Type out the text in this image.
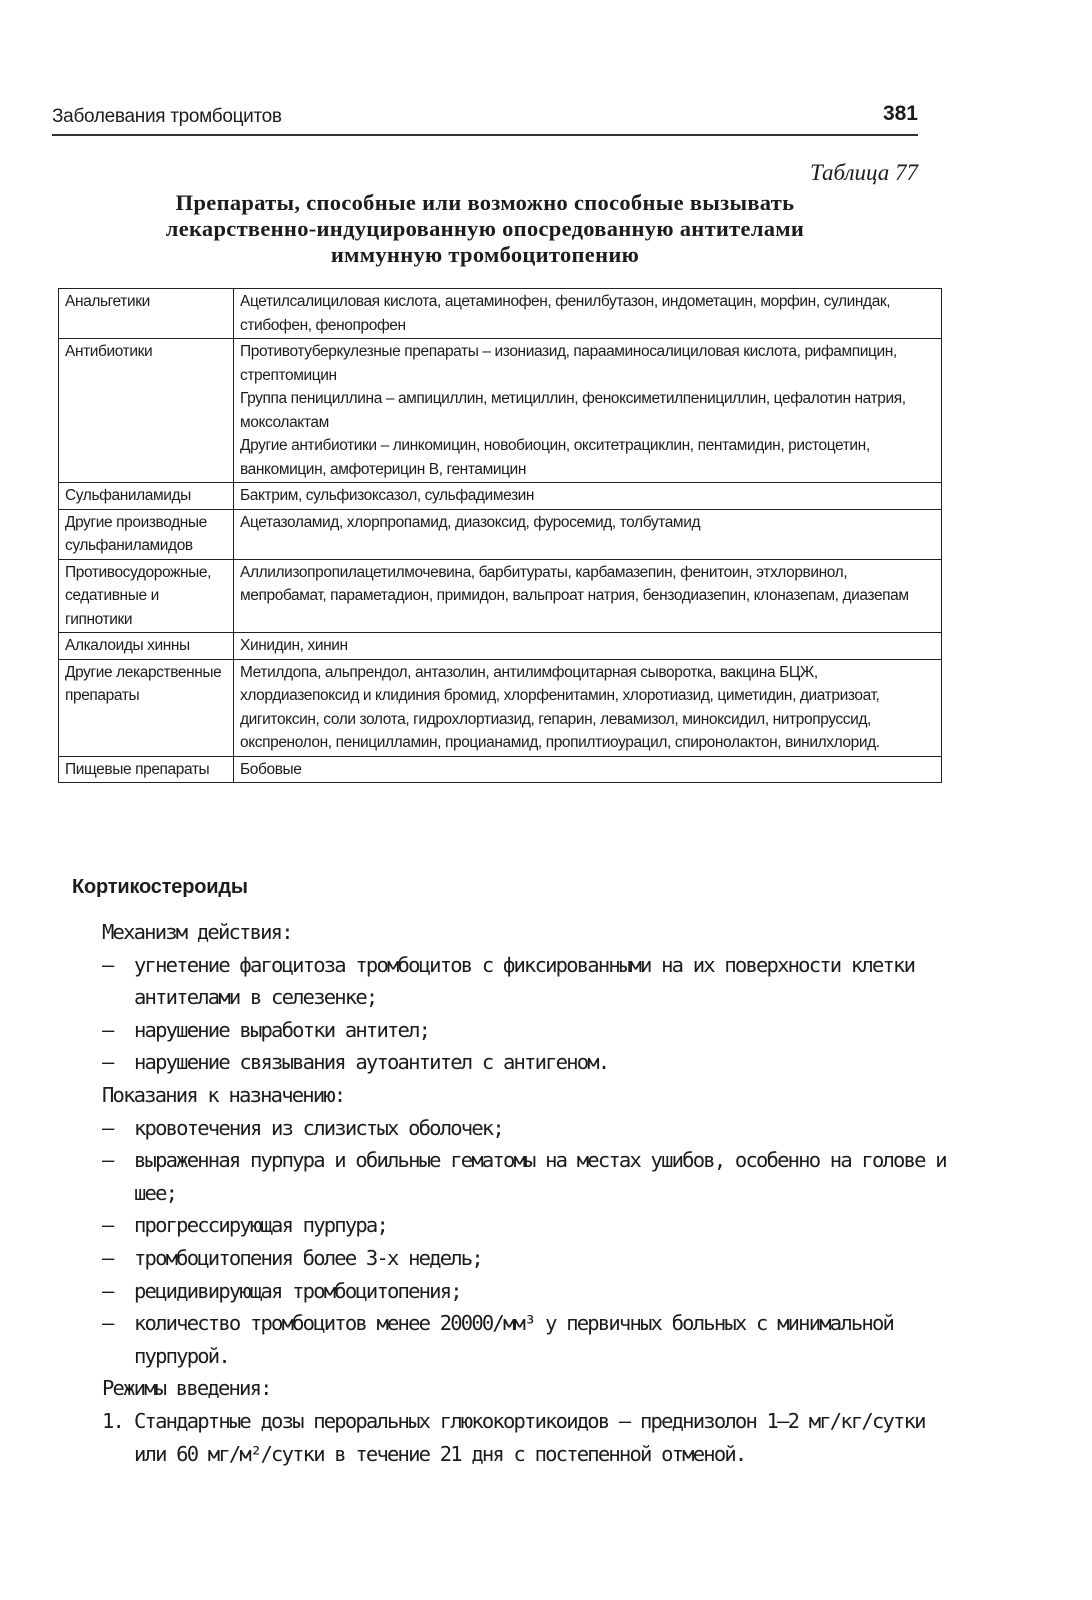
Заболевания тромбоцитов	381
Таблица 77
Препараты, способные или возможно способные вызывать
лекарственно-индуцированную опосредованную антителами
иммунную тромбоцитопению
Анальгетики	Ацетилсалициловая кислота, ацетаминофен, фенилбутазон, индометацин, морфин, сулиндак, стибофен, фенопрофен

Антибиотики	Противотуберкулезные препараты – изониазид, парааминосалициловая кислота, рифампицин, стрептомицин
Группа пенициллина – ампициллин, метициллин, феноксиметилпенициллин, цефалотин натрия, моксолактам
Другие антибиотики – линкомицин, новобиоцин, окситетрациклин, пентамидин, ристоцетин, ванкомицин, амфотерицин В, гентамицин

Сульфаниламиды	Бактрим, сульфизоксазол, сульфадимезин

Другие производные сульфаниламидов	Ацетазоламид, хлорпропамид, диазоксид, фуросемид, толбутамид

Противосудорожные, седативные и гипнотики	Аллилизопропилацетилмочевина, барбитураты, карбамазепин, фенитоин, этхлорвинол, мепробамат, параметадион, примидон, вальпроат натрия, бензодиазепин, клоназепам, диазепам

Алкалоиды хинны	Хинидин, хинин

Другие лекарственные препараты	Метилдопа, альпрендол, антазолин, антилимфоцитарная сыворотка, вакцина БЦЖ, хлордиазепоксид и клидиния бромид, хлорфенитамин, хлоротиазид, циметидин, диатризоат, дигитоксин, соли золота, гидрохлортиазид, гепарин, левамизол, миноксидил, нитропруссид, окспренолон, пеницилламин, процианамид, пропилтиоурацил, спиронолактон, винилхлорид.

Пищевые препараты	Бобовые
Кортикостероиды

Механизм действия:

– угнетение фагоцитоза тромбоцитов с фиксированными на их поверхности клетки антителами в селезенке;
– нарушение выработки антител;
– нарушение связывания аутоантител с антигеном.

Показания к назначению:

– кровотечения из слизистых оболочек;
– выраженная пурпура и обильные гематомы на местах ушибов, особенно на голове и шее;
– прогрессирующая пурпура;
– тромбоцитопения более 3-х недель;
– рецидивирующая тромбоцитопения;
– количество тромбоцитов менее 20000/мм³ у первичных больных с минимальной пурпурой.

Режимы введения:

1. Стандартные дозы пероральных глюкокортикоидов – преднизолон 1–2 мг/кг/сутки или 60 мг/м²/сутки в течение 21 дня с постепенной отменой.
